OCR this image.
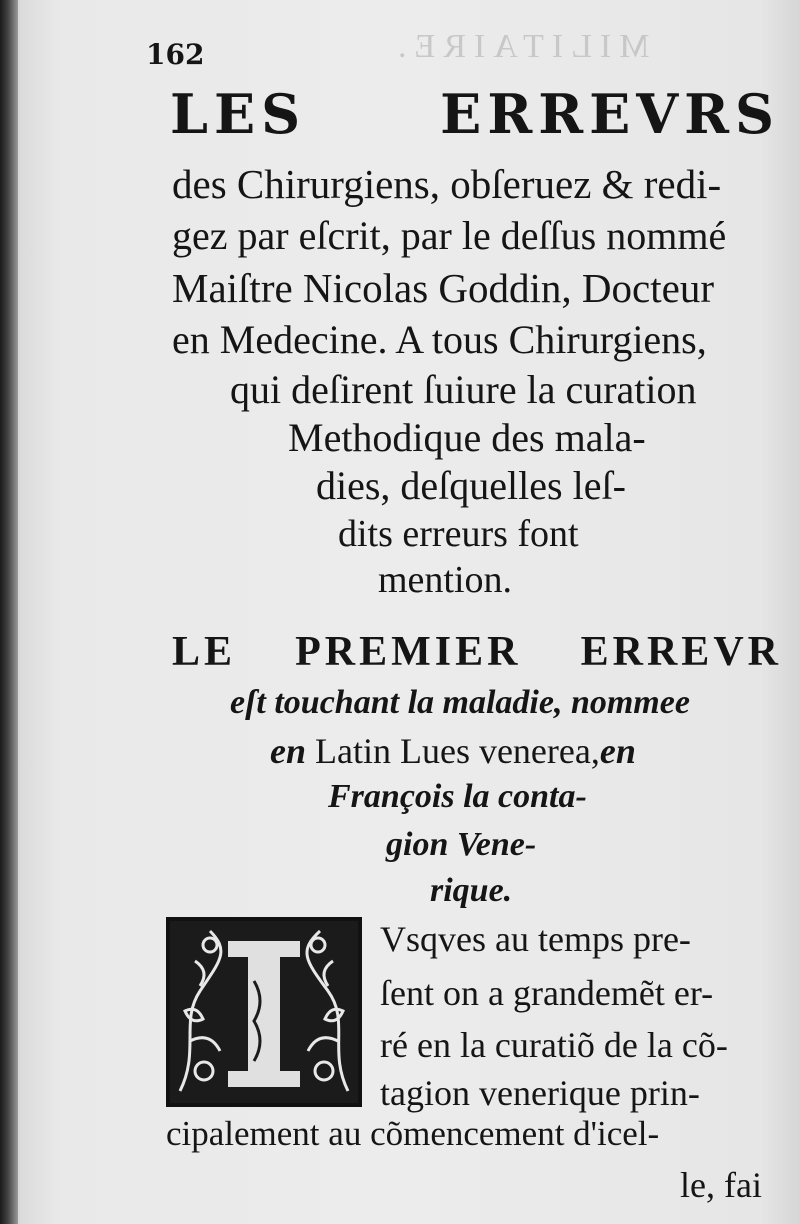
MILITAIRE.
162
LES ERREVRS
des Chirurgiens, obſeruez & redi-
gez par eſcrit, par le deſſus nommé
Maiſtre Nicolas Goddin, Docteur
en Medecine. A tous Chirurgiens,
qui deſirent ſuiure la curation
Methodique des mala-
dies, deſquelles leſ-
dits erreurs font
mention.
LE PREMIER ERREVR
eſt touchant la maladie, nommee
en Latin Lues venerea,en
François la conta-
gion Vene-
rique.
Vsqves au temps pre-
ſent on a grandemẽt er-
ré en la curatiõ de la cõ-
tagion venerique prin-
cipalement au cõmencement d'icel-
le, fai
